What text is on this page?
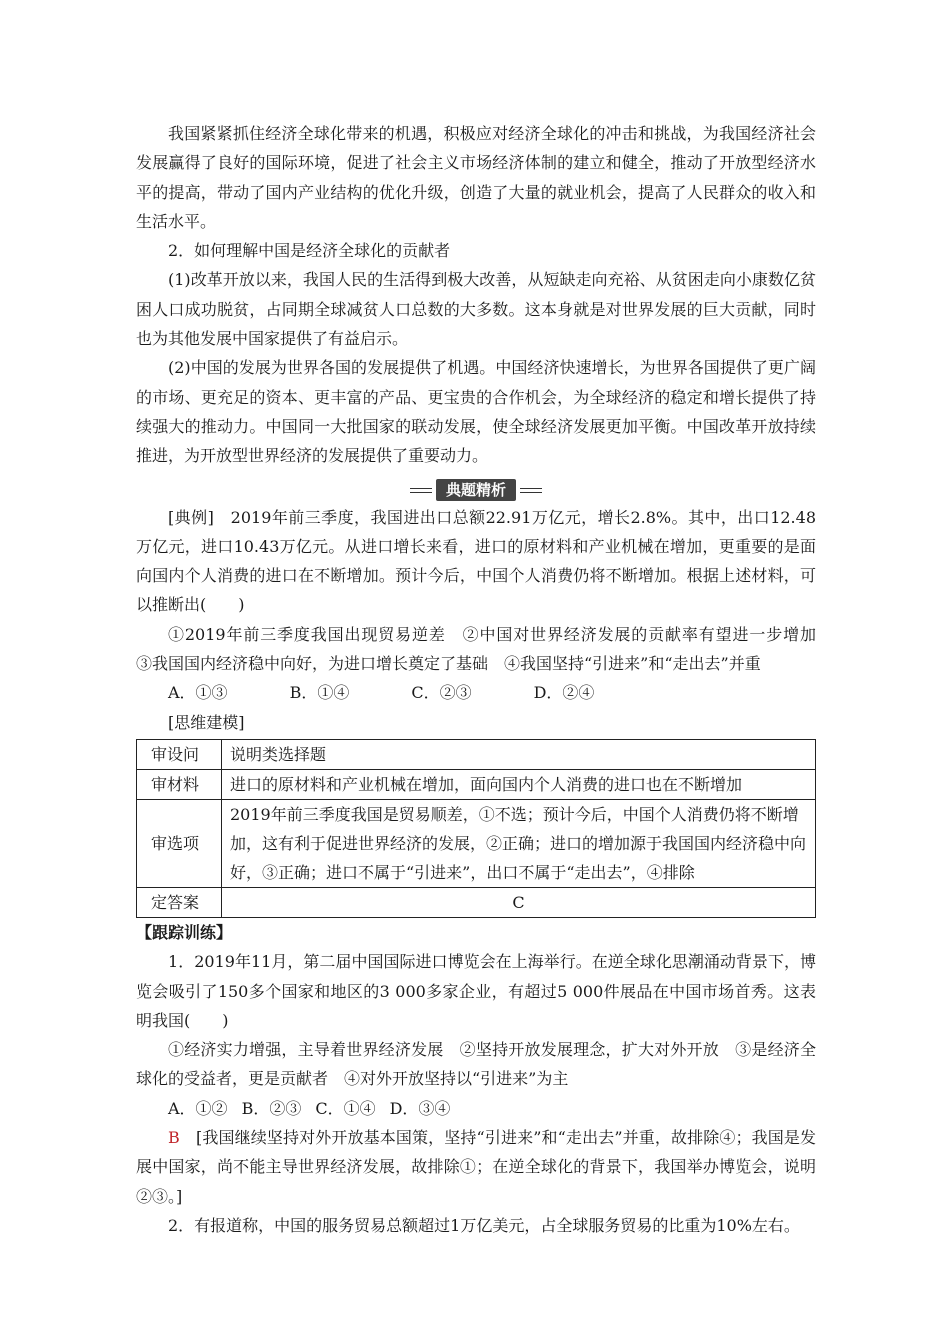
我国紧紧抓住经济全球化带来的机遇，积极应对经济全球化的冲击和挑战，为我国经济社会发展赢得了良好的国际环境，促进了社会主义市场经济体制的建立和健全，推动了开放型经济水平的提高，带动了国内产业结构的优化升级，创造了大量的就业机会，提高了人民群众的收入和生活水平。

2．如何理解中国是经济全球化的贡献者

(1)改革开放以来，我国人民的生活得到极大改善，从短缺走向充裕、从贫困走向小康数亿贫困人口成功脱贫，占同期全球减贫人口总数的大多数。这本身就是对世界发展的巨大贡献，同时也为其他发展中国家提供了有益启示。

(2)中国的发展为世界各国的发展提供了机遇。中国经济快速增长，为世界各国提供了更广阔的市场、更充足的资本、更丰富的产品、更宝贵的合作机会，为全球经济的稳定和增长提供了持续强大的推动力。中国同一大批国家的联动发展，使全球经济发展更加平衡。中国改革开放持续推进，为开放型世界经济的发展提供了重要动力。

典题精析

[典例]　2019年前三季度，我国进出口总额22.91万亿元，增长2.8%。其中，出口12.48万亿元，进口10.43万亿元。从进口增长来看，进口的原材料和产业机械在增加，更重要的是面向国内个人消费的进口在不断增加。预计今后，中国个人消费仍将不断增加。根据上述材料，可以推断出(　　)

①2019年前三季度我国出现贸易逆差　②中国对世界经济发展的贡献率有望进一步增加　③我国国内经济稳中向好，为进口增长奠定了基础　④我国坚持“引进来”和“走出去”并重

A．①③	B．①④	C．②③	D．②④

[思维建模]

审设问	说明类选择题
审材料	进口的原材料和产业机械在增加，面向国内个人消费的进口也在不断增加
审选项	2019年前三季度我国是贸易顺差，①不选；预计今后，中国个人消费仍将不断增加，这有利于促进世界经济的发展，②正确；进口的增加源于我国国内经济稳中向好，③正确；进口不属于“引进来”，出口不属于“走出去”，④排除
定答案	C

【跟踪训练】

1．2019年11月，第二届中国国际进口博览会在上海举行。在逆全球化思潮涌动背景下，博览会吸引了150多个国家和地区的3 000多家企业，有超过5 000件展品在中国市场首秀。这表明我国(　　)

①经济实力增强，主导着世界经济发展　②坚持开放发展理念，扩大对外开放　③是经济全球化的受益者，更是贡献者　④对外开放坚持以“引进来”为主

A．①② B．②③ C．①④ D．③④

B　 [我国继续坚持对外开放基本国策，坚持“引进来”和“走出去”并重，故排除④；我国是发展中国家，尚不能主导世界经济发展，故排除①；在逆全球化的背景下，我国举办博览会，说明②③。]

2．有报道称，中国的服务贸易总额超过1万亿美元，占全球服务贸易的比重为10%左右。
